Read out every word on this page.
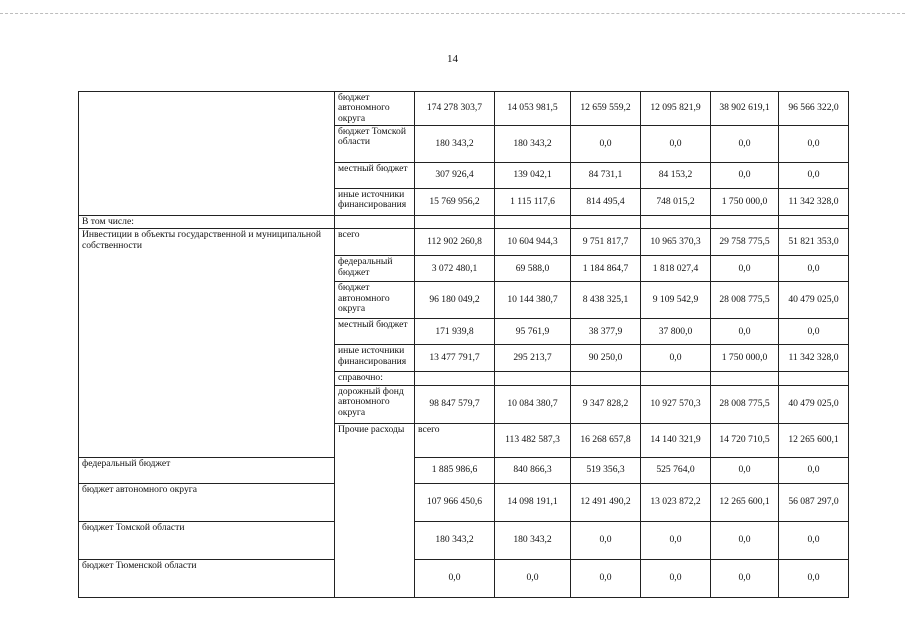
14
	бюджет автономного округа	174 278 303,7	14 053 981,5	12 659 559,2	12 095 821,9	38 902 619,1	96 566 322,0	
	бюджет Томской области	180 343,2	180 343,2	0,0	0,0	0,0	0,0	
	местный бюджет	307 926,4	139 042,1	84 731,1	84 153,2	0,0	0,0	
	иные источники финансирования	15 769 956,2	1 115 117,6	814 495,4	748 015,2	1 750 000,0	11 342 328,0	
В том числе:								
Инвестиции в объекты государственной и муниципальной собственности	всего	112 902 260,8	10 604 944,3	9 751 817,7	10 965 370,3	29 758 775,5	51 821 353,0	
	федеральный бюджет	3 072 480,1	69 588,0	1 184 864,7	1 818 027,4	0,0	0,0	
	бюджет автономного округа	96 180 049,2	10 144 380,7	8 438 325,1	9 109 542,9	28 008 775,5	40 479 025,0	
	местный бюджет	171 939,8	95 761,9	38 377,9	37 800,0	0,0	0,0	
	иные источники финансирования	13 477 791,7	295 213,7	90 250,0	0,0	1 750 000,0	11 342 328,0	
	справочно:							
	дорожный фонд автономного округа	98 847 579,7	10 084 380,7	9 347 828,2	10 927 570,3	28 008 775,5	40 479 025,0	
	Прочие расходы	всего	113 482 587,3	16 268 657,8	14 140 321,9	14 720 710,5	12 265 600,1	
федеральный бюджет		1 885 986,6	840 866,3	519 356,3	525 764,0	0,0	0,0	
бюджет автономного округа		107 966 450,6	14 098 191,1	12 491 490,2	13 023 872,2	12 265 600,1	56 087 297,0	
бюджет Томской области		180 343,2	180 343,2	0,0	0,0	0,0	0,0	
бюджет Тюменской области		0,0	0,0	0,0	0,0	0,0	0,0	
